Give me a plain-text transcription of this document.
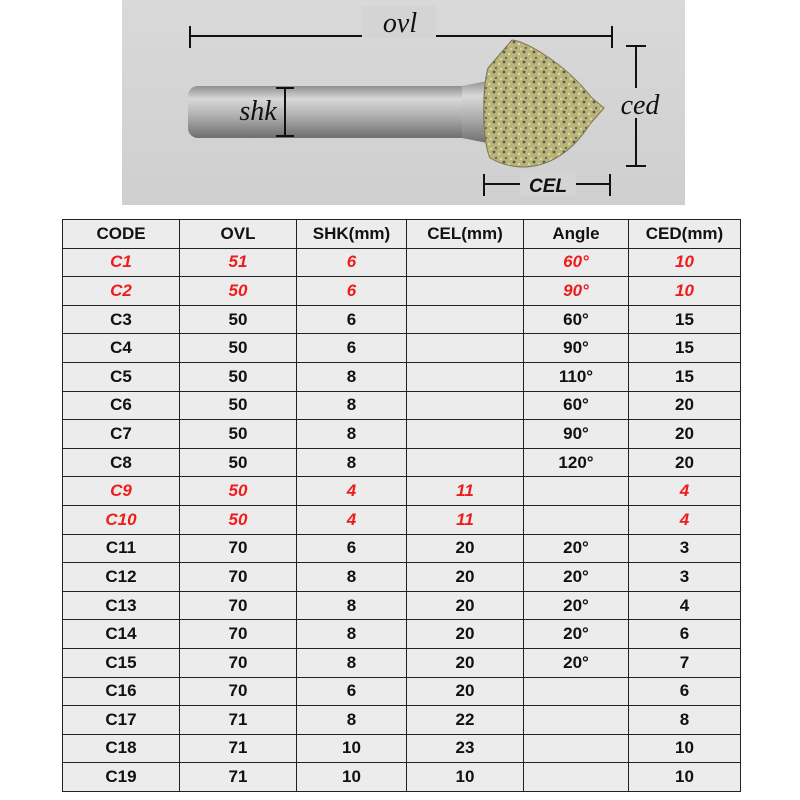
ovl
shk	ced
CEL
CODE	OVL	SHK(mm)	CEL(mm)	Angle	CED(mm)
C1	51	6		60°	10
C2	50	6		90°	10
C3	50	6		60°	15
C4	50	6		90°	15
C5	50	8		110°	15
C6	50	8		60°	20
C7	50	8		90°	20
C8	50	8		120°	20
C9	50	4	11		4
C10	50	4	11		4
C11	70	6	20	20°	3
C12	70	8	20	20°	3
C13	70	8	20	20°	4
C14	70	8	20	20°	6
C15	70	8	20	20°	7
C16	70	6	20		6
C17	71	8	22		8
C18	71	10	23		10
C19	71	10	10		10
